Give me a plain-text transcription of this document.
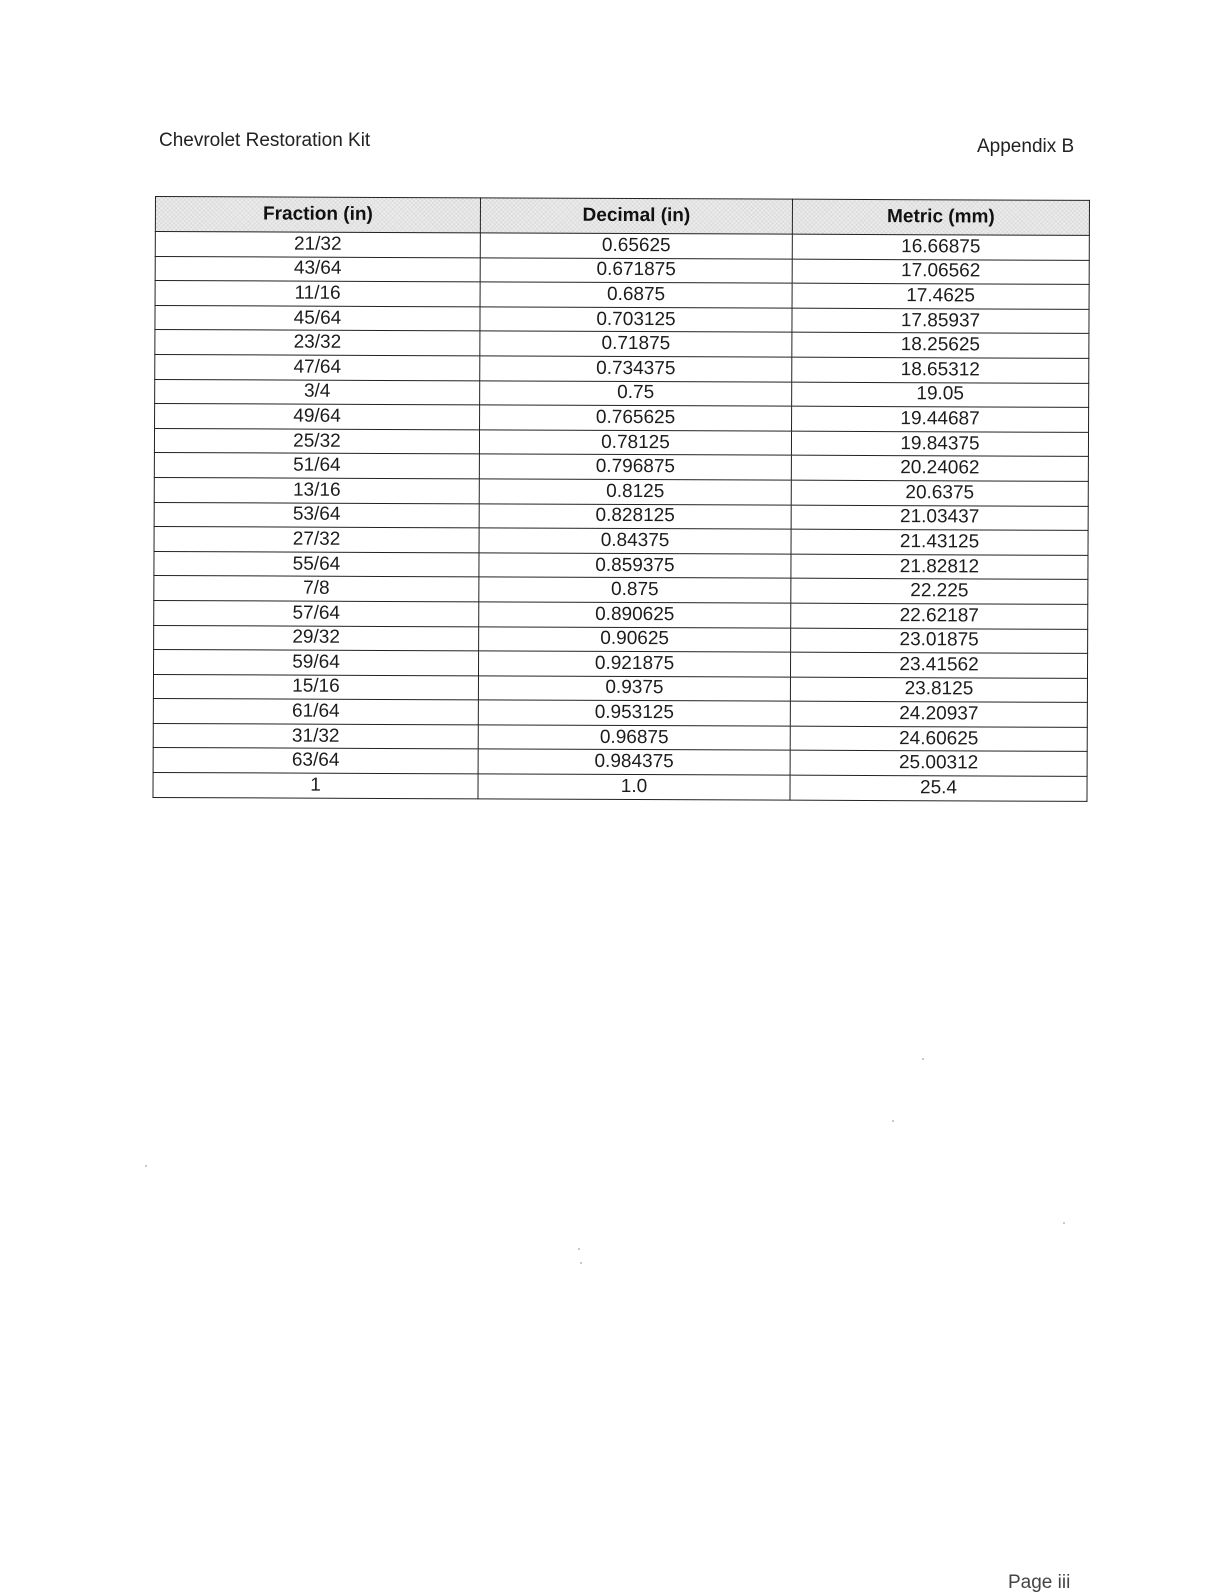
Chevrolet Restoration Kit	Appendix B
Fraction (in)	Decimal (in)	Metric (mm)
21/32	0.65625	16.66875
43/64	0.671875	17.06562
11/16	0.6875	17.4625
45/64	0.703125	17.85937
23/32	0.71875	18.25625
47/64	0.734375	18.65312
3/4	0.75	19.05
49/64	0.765625	19.44687
25/32	0.78125	19.84375
51/64	0.796875	20.24062
13/16	0.8125	20.6375
53/64	0.828125	21.03437
27/32	0.84375	21.43125
55/64	0.859375	21.82812
7/8	0.875	22.225
57/64	0.890625	22.62187
29/32	0.90625	23.01875
59/64	0.921875	23.41562
15/16	0.9375	23.8125
61/64	0.953125	24.20937
31/32	0.96875	24.60625
63/64	0.984375	25.00312
1	1.0	25.4
Page iii
